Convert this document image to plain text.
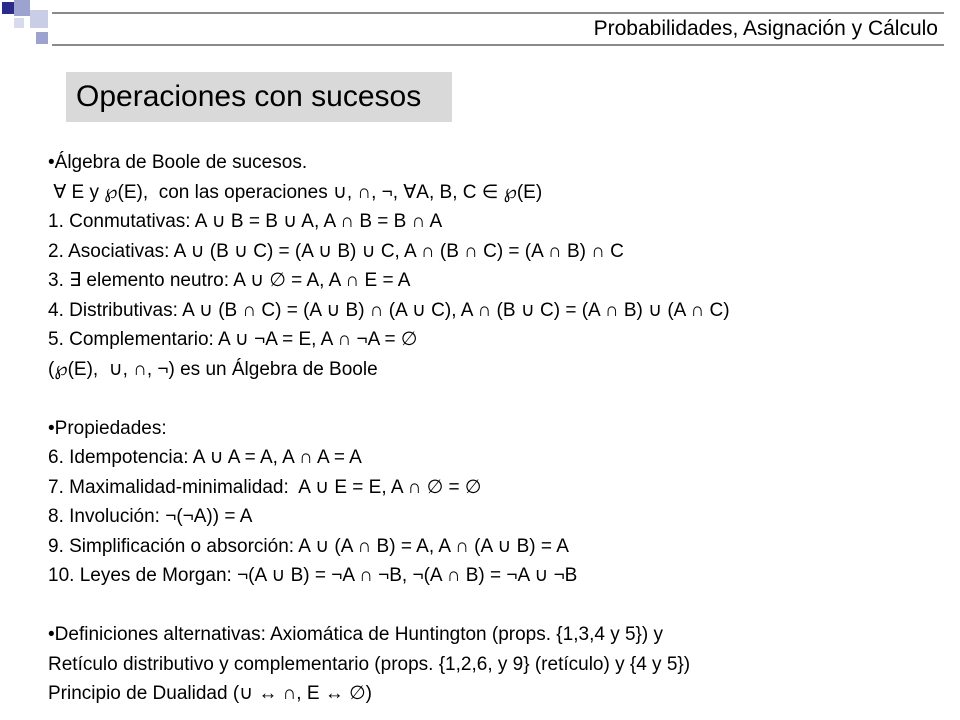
Probabilidades, Asignación y Cálculo
Operaciones con sucesos
•Álgebra de Boole de sucesos.
∀ E y ℘(E),  con las operaciones ∪, ∩, ¬, ∀A, B, C ∈ ℘(E)
1. Conmutativas: A ∪ B = B ∪ A, A ∩ B = B ∩ A
2. Asociativas: A ∪ (B ∪ C) = (A ∪ B) ∪ C, A ∩ (B ∩ C) = (A ∩ B) ∩ C
3. ∃ elemento neutro: A ∪ ∅ = A, A ∩ E = A
4. Distributivas: A ∪ (B ∩ C) = (A ∪ B) ∩ (A ∪ C), A ∩ (B ∪ C) = (A ∩ B) ∪ (A ∩ C)
5. Complementario: A ∪ ¬A = E, A ∩ ¬A = ∅
(℘(E),  ∪, ∩, ¬) es un Álgebra de Boole
•Propiedades:
6. Idempotencia: A ∪ A = A, A ∩ A = A
7. Maximalidad-minimalidad:  A ∪ E = E, A ∩ ∅ = ∅
8. Involución: ¬(¬A)) = A
9. Simplificación o absorción: A ∪ (A ∩ B) = A, A ∩ (A ∪ B) = A
10. Leyes de Morgan: ¬(A ∪ B) = ¬A ∩ ¬B, ¬(A ∩ B) = ¬A ∪ ¬B
•Definiciones alternativas: Axiomática de Huntington (props. {1,3,4 y 5}) y
Retículo distributivo y complementario (props. {1,2,6, y 9} (retículo) y {4 y 5})
Principio de Dualidad (∪ ↔ ∩, E ↔ ∅)
